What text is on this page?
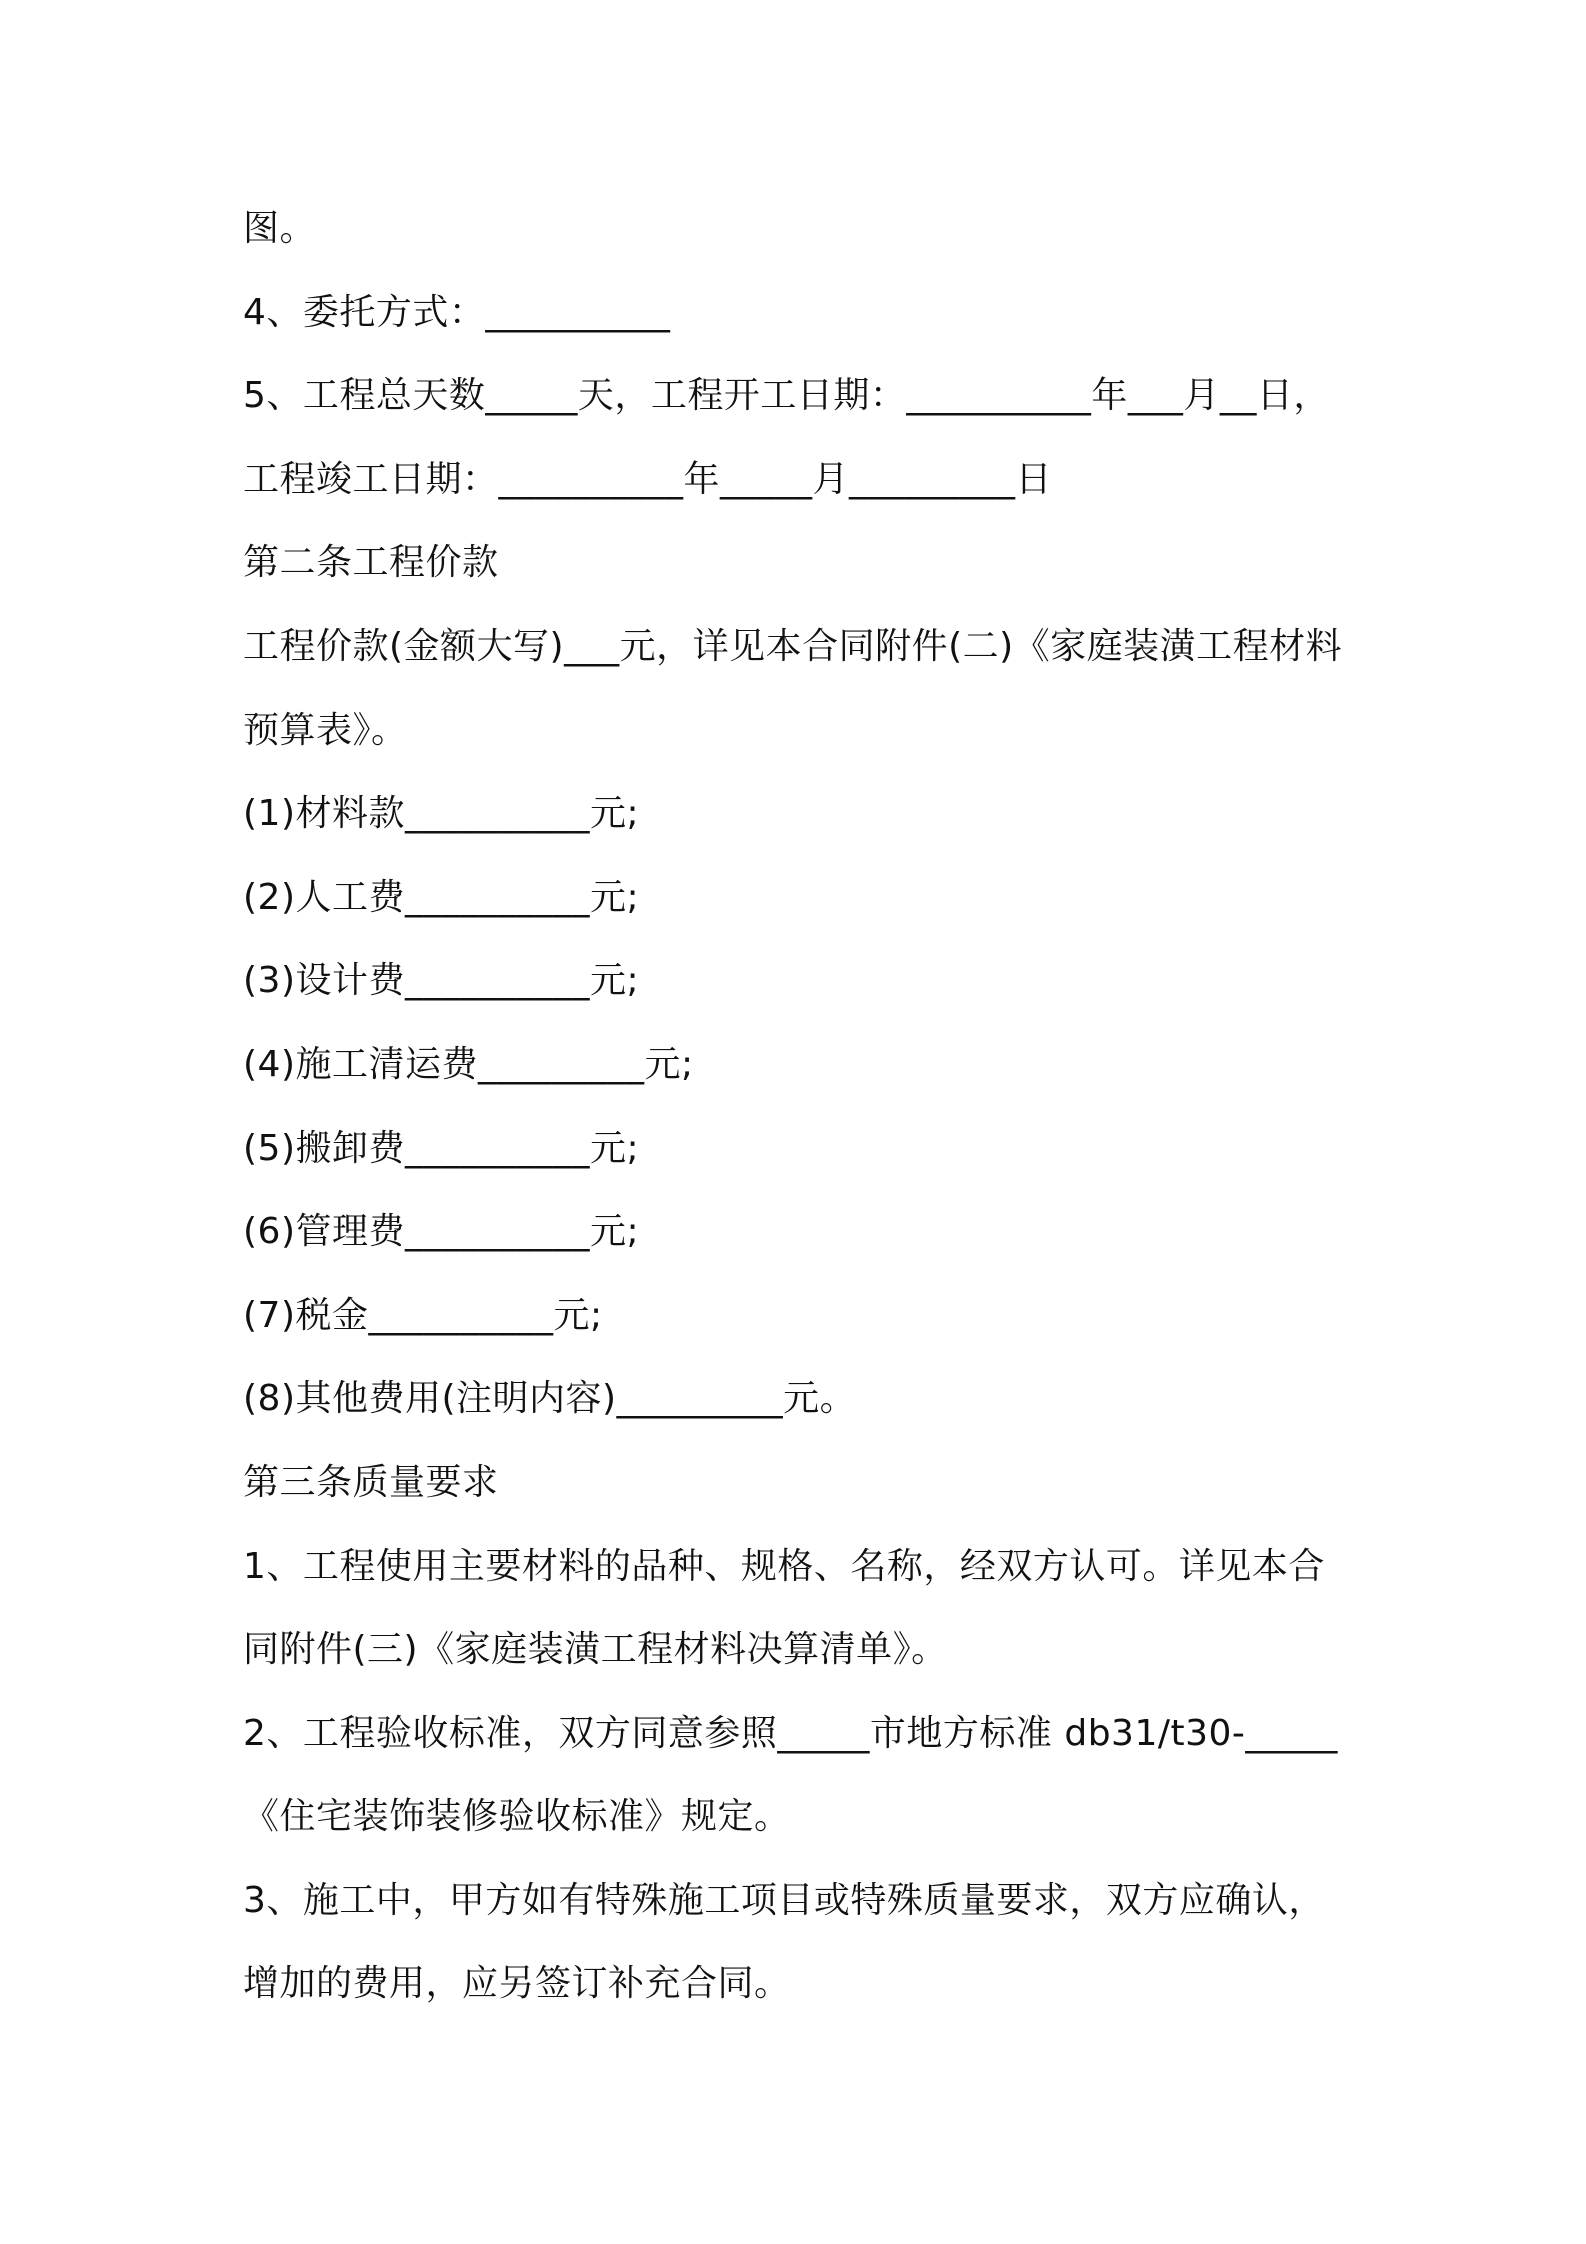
图。
4、委托方式：__________
5、工程总天数_____天，工程开工日期：__________年___月__日，
工程竣工日期：__________年_____月_________日
第二条工程价款
工程价款(金额大写)___元，详见本合同附件(二)《家庭装潢工程材料
预算表》。
(1)材料款__________元;
(2)人工费__________元;
(3)设计费__________元;
(4)施工清运费_________元;
(5)搬卸费__________元;
(6)管理费__________元;
(7)税金__________元;
(8)其他费用(注明内容)_________元。
第三条质量要求
1、工程使用主要材料的品种、规格、名称，经双方认可。详见本合
同附件(三)《家庭装潢工程材料决算清单》。
2、工程验收标准，双方同意参照_____市地方标准 db31/t30-_____
《住宅装饰装修验收标准》规定。
3、施工中，甲方如有特殊施工项目或特殊质量要求，双方应确认，
增加的费用，应另签订补充合同。
